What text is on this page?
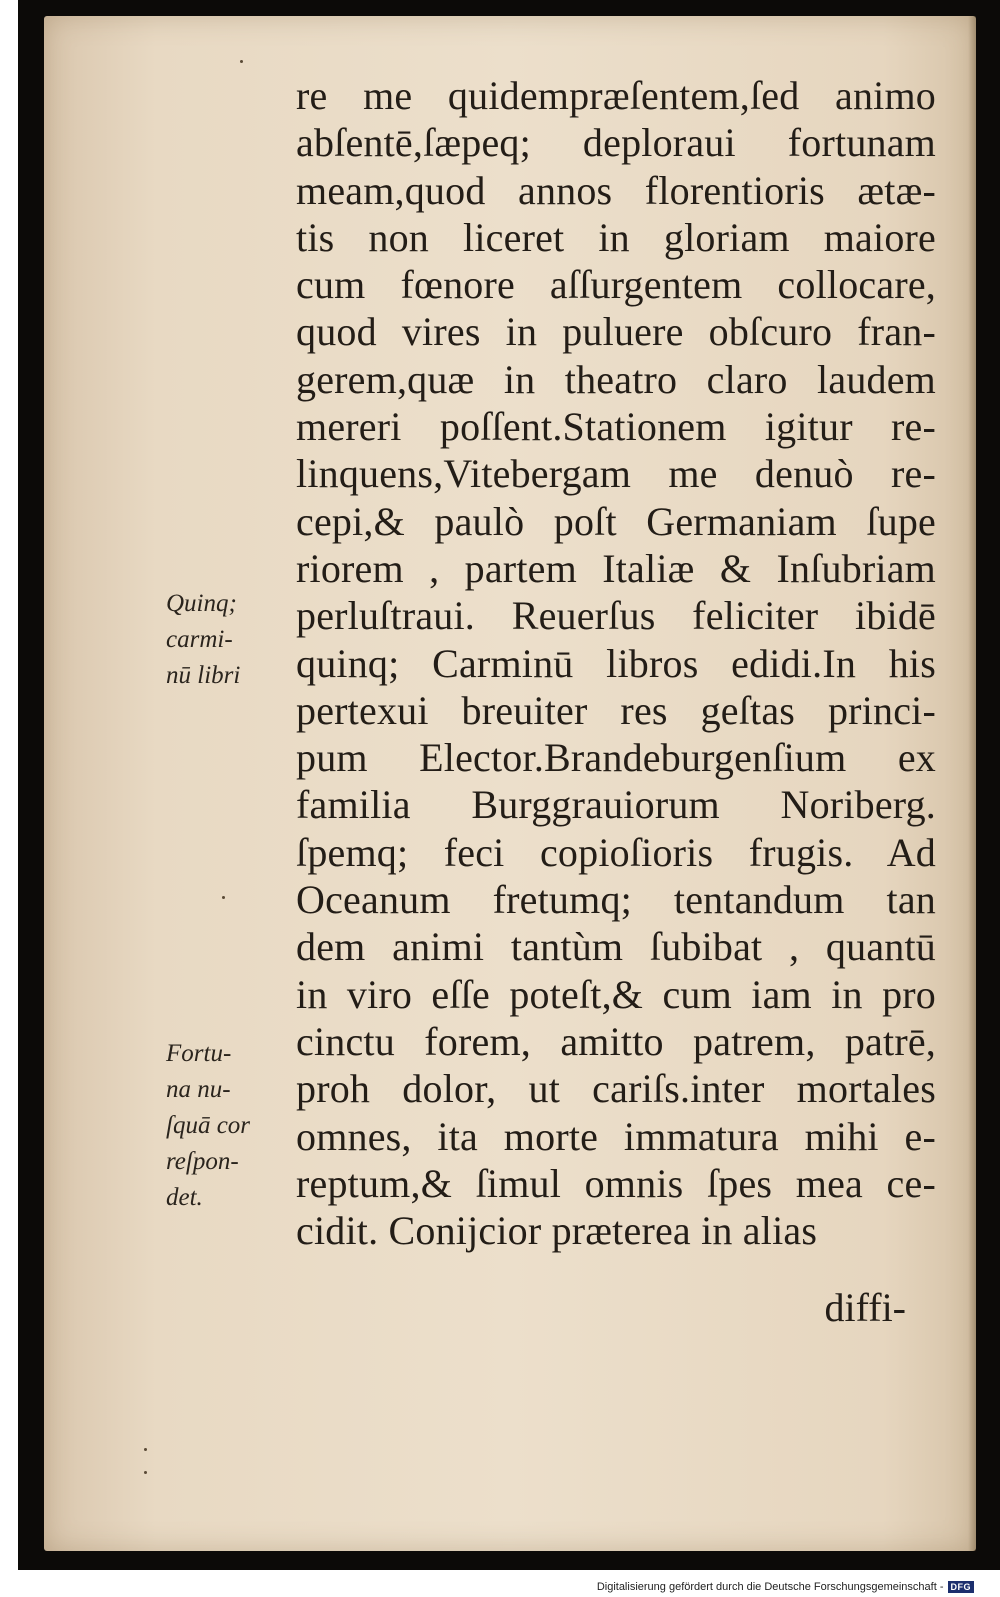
Quinq;
carmi-
nū libri
Fortu-
na nu-
ſquā cor
reſpon-
det.
re me quidempræſentem,ſed animo
abſentē,ſæpeq; deploraui fortunam
meam,quod annos florentioris ætæ-
tis non liceret in gloriam maiore
cum fœnore aſſurgentem collocare,
quod vires in puluere obſcuro fran-
gerem,quæ in theatro claro laudem
mereri poſſent.Stationem igitur re-
linquens,Vitebergam me denuò re-
cepi,& paulò poſt Germaniam ſupe
riorem , partem Italiæ & Inſubriam
perluſtraui. Reuerſus feliciter ibidē
quinq; Carminū libros edidi.In his
pertexui breuiter res geſtas princi-
pum Elector.Brandeburgenſium ex
familia Burggrauiorum Noriberg.
ſpemq; feci copioſioris frugis. Ad
Oceanum fretumq; tentandum tan
dem animi tantùm ſubibat , quantū
in viro eſſe poteſt,& cum iam in pro
cinctu forem, amitto patrem, patrē,
proh dolor, ut cariſs.inter mortales
omnes, ita morte immatura mihi e-
reptum,& ſimul omnis ſpes mea ce-
cidit. Conijcior præterea in alias
diffi-
Digitalisierung gefördert durch die Deutsche Forschungsgemeinschaft - DFG
